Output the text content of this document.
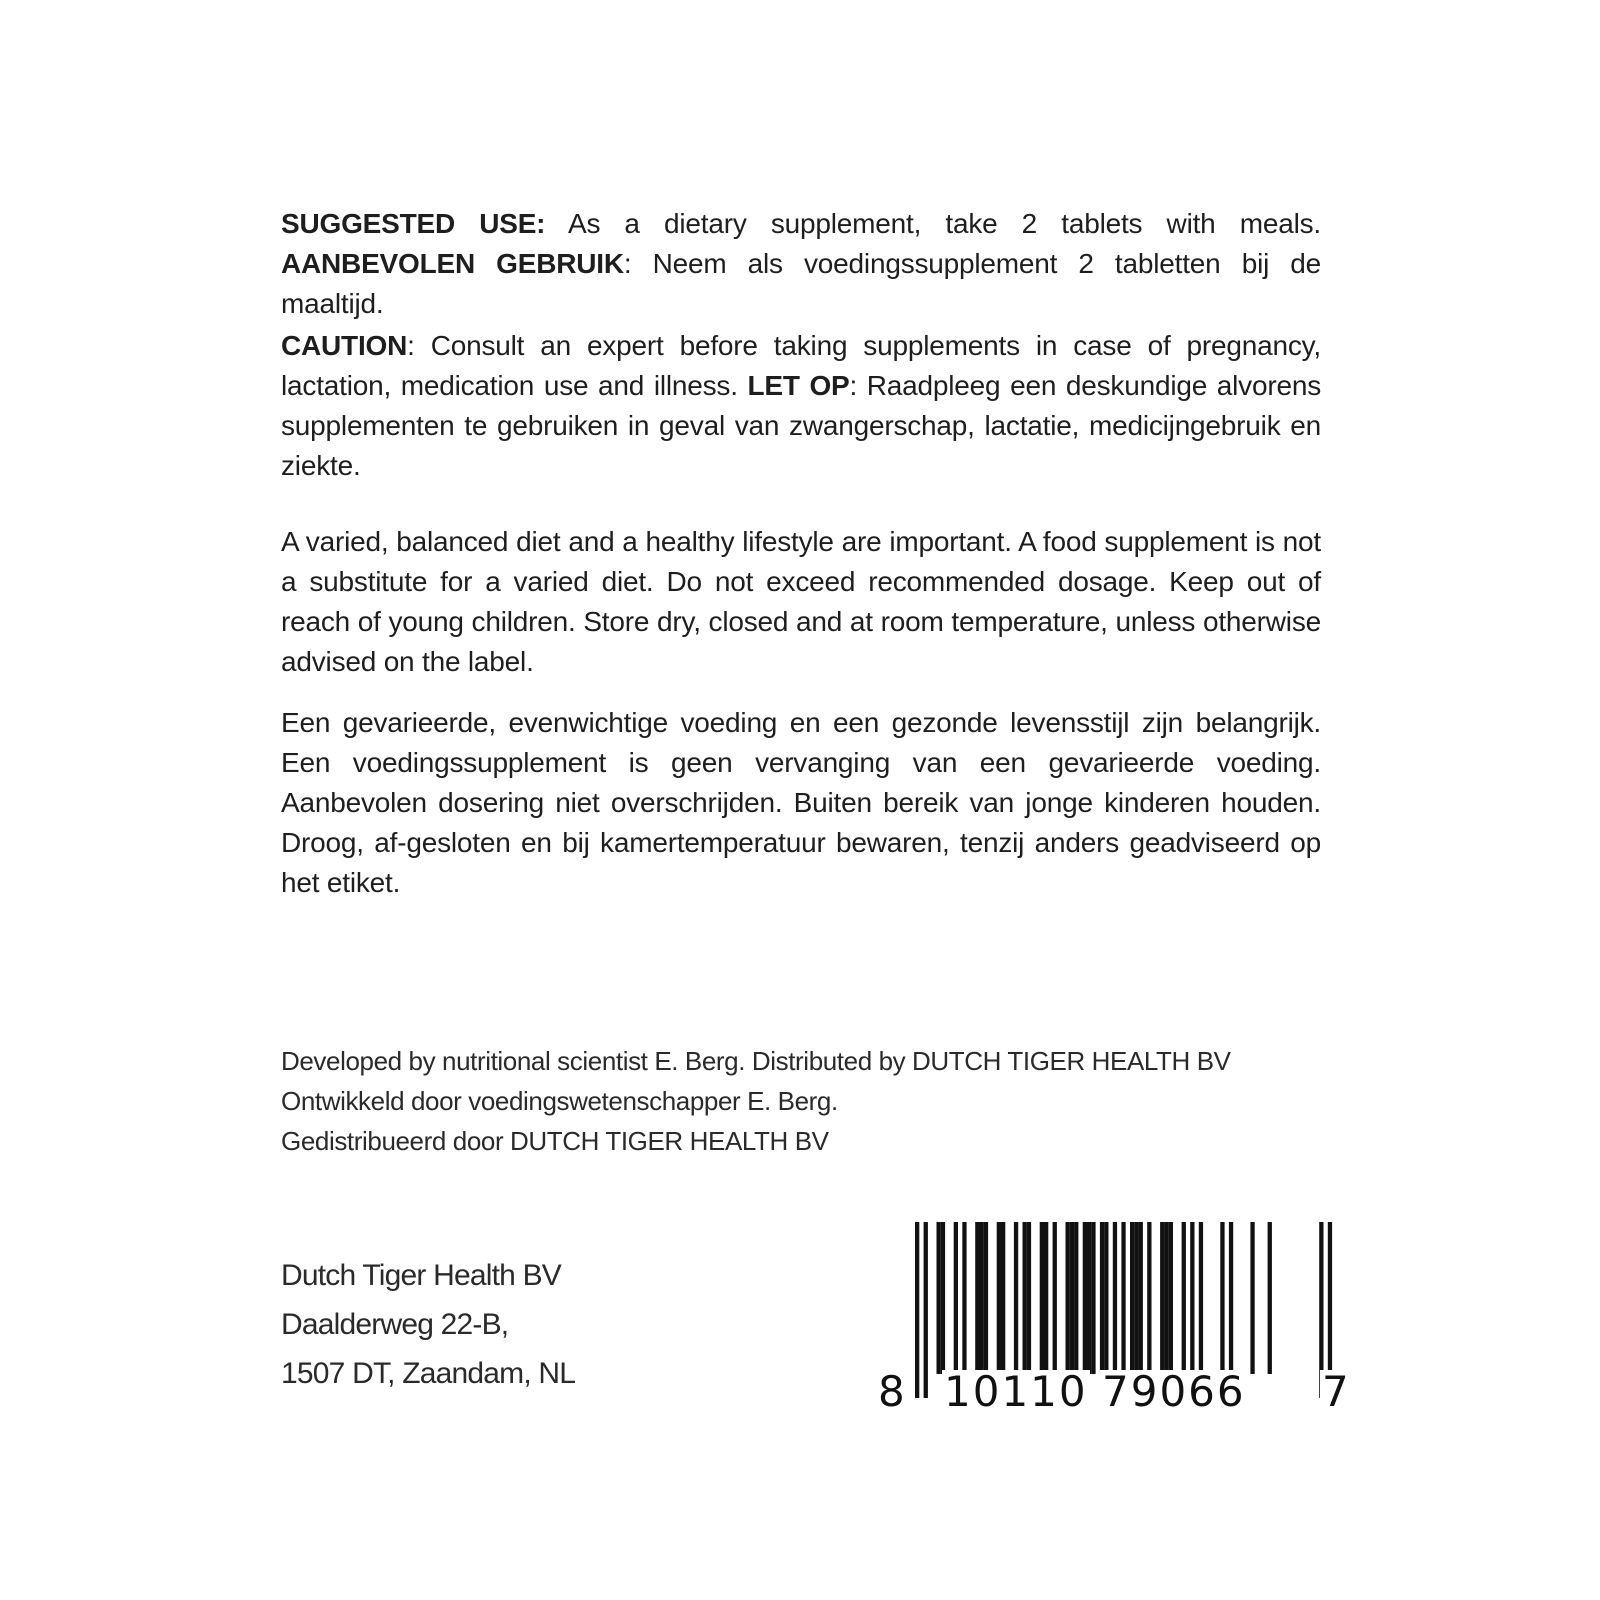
SUGGESTED USE: As a dietary supplement, take 2 tablets with meals. AANBEVOLEN GEBRUIK: Neem als voedingssupplement 2 tabletten bij de maaltijd.

CAUTION: Consult an expert before taking supplements in case of pregnancy, lactation, medication use and illness. LET OP: Raadpleeg een deskundige alvorens supplementen te gebruiken in geval van zwangerschap, lactatie, medicijngebruik en ziekte.

A varied, balanced diet and a healthy lifestyle are important. A food supplement is not a substitute for a varied diet. Do not exceed recommended dosage. Keep out of reach of young children. Store dry, closed and at room temperature, unless otherwise advised on the label.

Een gevarieerde, evenwichtige voeding en een gezonde levensstijl zijn belangrijk. Een voedingssupplement is geen vervanging van een gevarieerde voeding. Aanbevolen dosering niet overschrijden. Buiten bereik van jonge kinderen houden. Droog, af-gesloten en bij kamertemperatuur bewaren, tenzij anders geadviseerd op het etiket.

Developed by nutritional scientist E. Berg. Distributed by DUTCH TIGER HEALTH BV
Ontwikkeld door voedingswetenschapper E. Berg.
Gedistribueerd door DUTCH TIGER HEALTH BV
Dutch Tiger Health BV
Daalderweg 22-B,
1507 DT, Zaandam, NL	8 10110 79066 7
